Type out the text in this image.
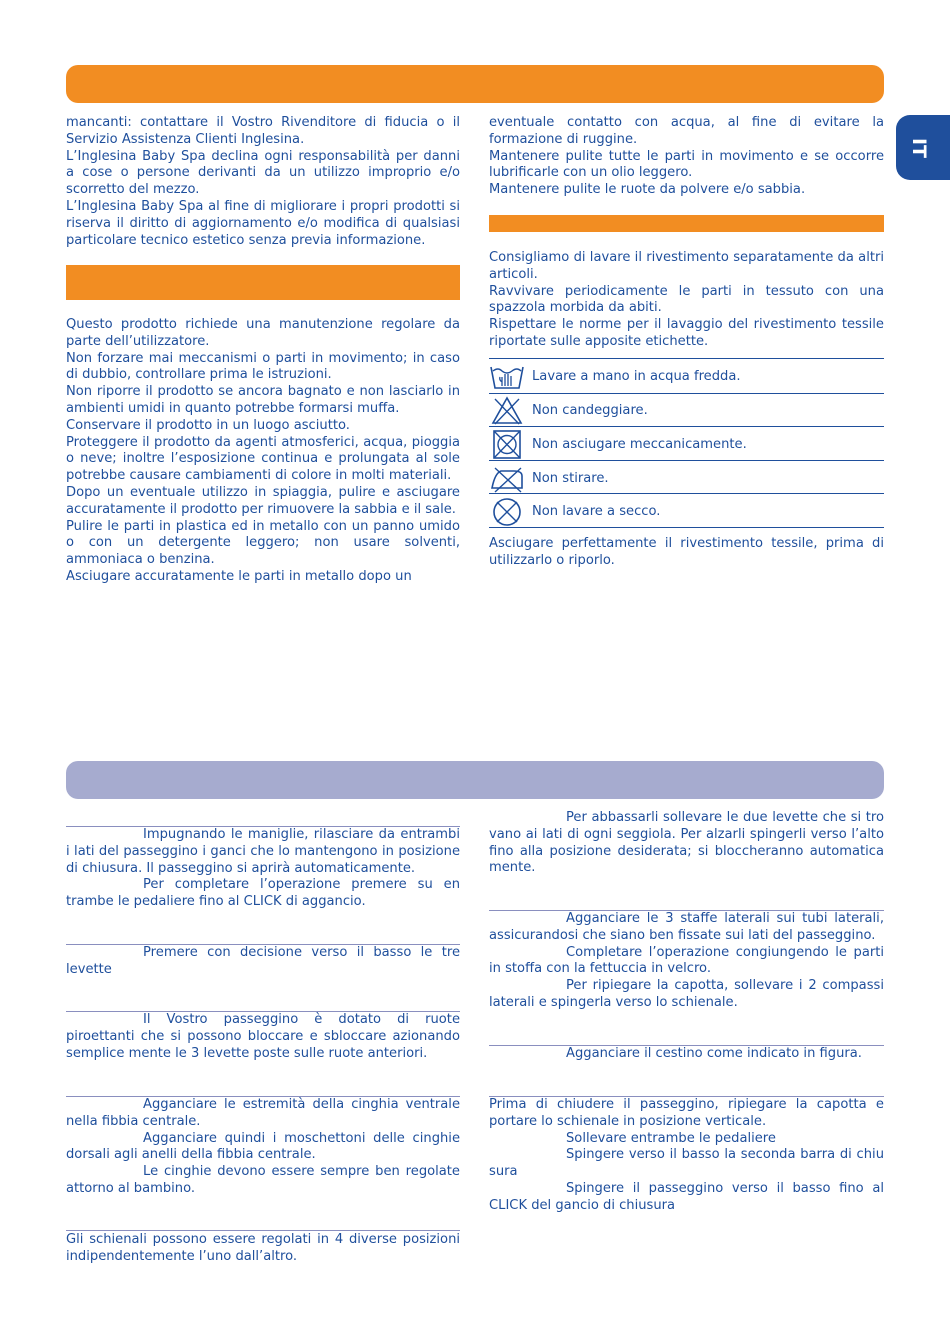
IT

mancanti: contattare il Vostro Rivenditore di fiducia o il Servizio Assistenza Clienti Inglesina.

L’Inglesina Baby Spa declina ogni responsabilità per danni a cose o persone derivanti da un utilizzo improprio e/o scorretto del mezzo.

L’Inglesina Baby Spa al fine di migliorare i propri prodotti si riserva il diritto di aggiornamento e/o modifica di qualsiasi particolare tecnico estetico senza previa informazione.

Questo prodotto richiede una manutenzione regolare da parte dell’utilizzatore.

Non forzare mai meccanismi o parti in movimento; in caso di dubbio, controllare prima le istruzioni.

Non riporre il prodotto se ancora bagnato e non lasciarlo in ambienti umidi in quanto potrebbe formarsi muffa.

Conservare il prodotto in un luogo asciutto.

Proteggere il prodotto da agenti atmosferici, acqua, pioggia o neve; inoltre l’esposizione continua e prolungata al sole potrebbe causare cambiamenti di colore in molti materiali.

Dopo un eventuale utilizzo in spiaggia, pulire e asciugare accuratamente il prodotto per rimuovere la sabbia e il sale.

Pulire le parti in plastica ed in metallo con un panno umido o con un detergente leggero; non usare solventi, ammoniaca o benzina.

Asciugare accuratamente le parti in metallo dopo un

eventuale contatto con acqua, al fine di evitare la formazione di ruggine.

Mantenere pulite tutte le parti in movimento e se occorre lubrificarle con un olio leggero.

Mantenere pulite le ruote da polvere e/o sabbia.

Consigliamo di lavare il rivestimento separatamente da altri articoli.

Ravvivare periodicamente le parti in tessuto con una spazzola morbida da abiti.

Rispettare le norme per il lavaggio del rivestimento tessile riportate sulle apposite etichette.

Lavare a mano in acqua fredda.
Non candeggiare.
Non asciugare meccanicamente.
Non stirare.
Non lavare a secco.

Asciugare perfettamente il rivestimento tessile, prima di utilizzarlo o riporlo.

Impugnando le maniglie, rilasciare da entrambi i lati del passeggino i ganci che lo mantengono in posizione di chiusura. Il passeggino si aprirà automaticamente.

Per completare l’operazione premere su en trambe le pedaliere fino al CLICK di aggancio.

Premere con decisione verso il basso le tre levette

Il Vostro passeggino è dotato di ruote piroettanti che si possono bloccare e sbloccare azionando semplice mente le 3 levette poste sulle ruote anteriori.

Agganciare le estremità della cinghia ventrale nella fibbia centrale.

Agganciare quindi i moschettoni delle cinghie dorsali agli anelli della fibbia centrale.

Le cinghie devono essere sempre ben regolate attorno al bambino.

Gli schienali possono essere regolati in 4 diverse posizioni indipendentemente l’uno dall’altro.

Per abbassarli sollevare le due levette che si tro vano ai lati di ogni seggiola. Per alzarli spingerli verso l’alto fino alla posizione desiderata; si bloccheranno automatica mente.

Agganciare le 3 staffe laterali sui tubi laterali, assicurandosi che siano ben fissate sui lati del passeggino.

Completare l’operazione congiungendo le parti in stoffa con la fettuccia in velcro.

Per ripiegare la capotta, sollevare i 2 compassi laterali e spingerla verso lo schienale.

Agganciare il cestino come indicato in figura.

Prima di chiudere il passeggino, ripiegare la capotta e portare lo schienale in posizione verticale.

Sollevare entrambe le pedaliere

Spingere verso il basso la seconda barra di chiu sura

Spingere il passeggino verso il basso fino al CLICK del gancio di chiusura
